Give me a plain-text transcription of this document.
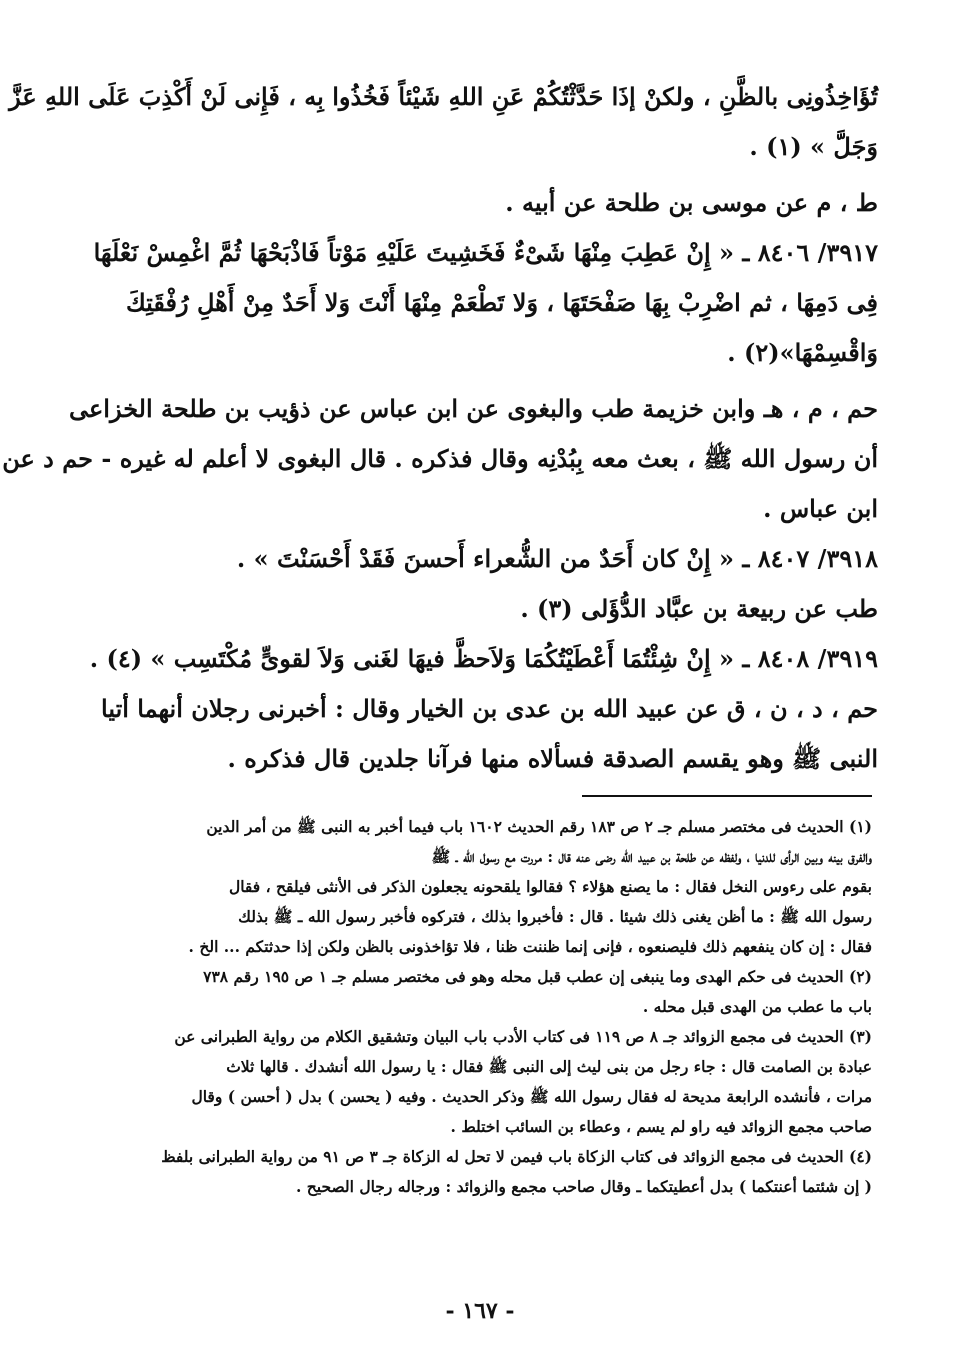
تُؤَاخِذُونِى بالظَّنِ ، ولكنْ إذَا حَدَّثْتُكُمْ عَنِ اللهِ شَيْئاً فَخُذُوا بِه ، فَإِنى لَنْ أَكْذِبَ عَلَى اللهِ عَزَّ
وَجَلَّ » (١) .
ط ، م عن موسى بن طلحة عن أبيه .
٣٩١٧/ ٨٤٠٦ ـ « إِنْ عَطِبَ مِنْهَا شَىْءٌ فَخَشِيتَ عَلَيْهِ مَوْتاً فَاذْبَحْهَا ثُمَّ اغْمِسْ نَعْلَهَا
فِى دَمِهَا ، ثم اضْرِبْ بِهَا صَفْحَتَهَا ، وَلا تَطْعَمْ مِنْهَا أَنْتَ وَلا أَحَدٌ مِنْ أَهْلِ رُفْقَتِكَ
وَاقْسِمْهَا»(٢) .
حم ، م ، هـ وابن خزيمة طب والبغوى عن ابن عباس عن ذؤيب بن طلحة الخزاعى
أن رسول الله ﷺ ، بعث معه بِبُدْنِه وقال فذكره . قال البغوى لا أعلم له غيره - حم د عن
ابن عباس .
٣٩١٨/ ٨٤٠٧ ـ « إِنْ كان أَحَدٌ من الشُّعراء أَحسنَ فَقَدْ أَحْسَنْتَ » .
طب عن ربيعة بن عبَّاد الدُّؤَلى (٣) .
٣٩١٩/ ٨٤٠٨ ـ « إِنْ شِئْتُمَا أَعْطَيْتُكُمَا وَلاَحظَّ فيهَا لغَنى وَلاَ لقوىٍّ مُكْتَسِب » (٤) .
حم ، د ، ن ، ق عن عبيد الله بن عدى بن الخيار وقال : أخبرنى رجلان أنهما أتيا
النبى ﷺ وهو يقسم الصدقة فسألاه منها فرآنا جلدين قال فذكره .
(١) الحديث فى مختصر مسلم جـ ٢ ص ١٨٣ رقم الحديث ١٦٠٢ باب فيما أخبر به النبى ﷺ من أمر الدين
والفرق بينه وبين الرأى للدنيا ، ولفظه عن طلحة بن عبيد الله رضى عنه قال : مررت مع رسول الله ـ ﷺ
بقوم على رءوس النخل فقال : ما يصنع هؤلاء ؟ فقالوا يلقحونه يجعلون الذكر فى الأنثى فيلقح ، فقال
رسول الله ﷺ : ما أظن يغنى ذلك شيئا . قال : فأخبروا بذلك ، فتركوه فأخبر رسول الله ـ ﷺ بذلك
فقال : إن كان ينفعهم ذلك فليصنعوه ، فإنى إنما ظننت ظنا ، فلا تؤاخذونى بالظن ولكن إذا حدثتكم ... الخ .
(٢) الحديث فى حكم الهدى وما ينبغى إن عطب قبل محله وهو فى مختصر مسلم جـ ١ ص ١٩٥ رقم ٧٣٨
باب ما عطب من الهدى قبل محله .
(٣) الحديث فى مجمع الزوائد جـ ٨ ص ١١٩ فى كتاب الأدب باب البيان وتشقيق الكلام من رواية الطبرانى عن
عبادة بن الصامت قال : جاء رجل من بنى ليث إلى النبى ﷺ فقال : يا رسول الله أنشدك . قالها ثلاث
مرات ، فأنشده الرابعة مديحة له فقال رسول الله ﷺ وذكر الحديث . وفيه ( يحسن ) بدل ( أحسن ) وقال
صاحب مجمع الزوائد فيه راو لم يسم ، وعطاء بن السائب اختلط .
(٤) الحديث فى مجمع الزوائد فى كتاب الزكاة باب فيمن لا تحل له الزكاة جـ ٣ ص ٩١ من رواية الطبرانى بلفظ
( إن شئتما أعنتكما ) بدل أعطيتكما ـ وقال صاحب مجمع والزوائد : ورجاله رجال الصحيح .
- ١٦٧ -
